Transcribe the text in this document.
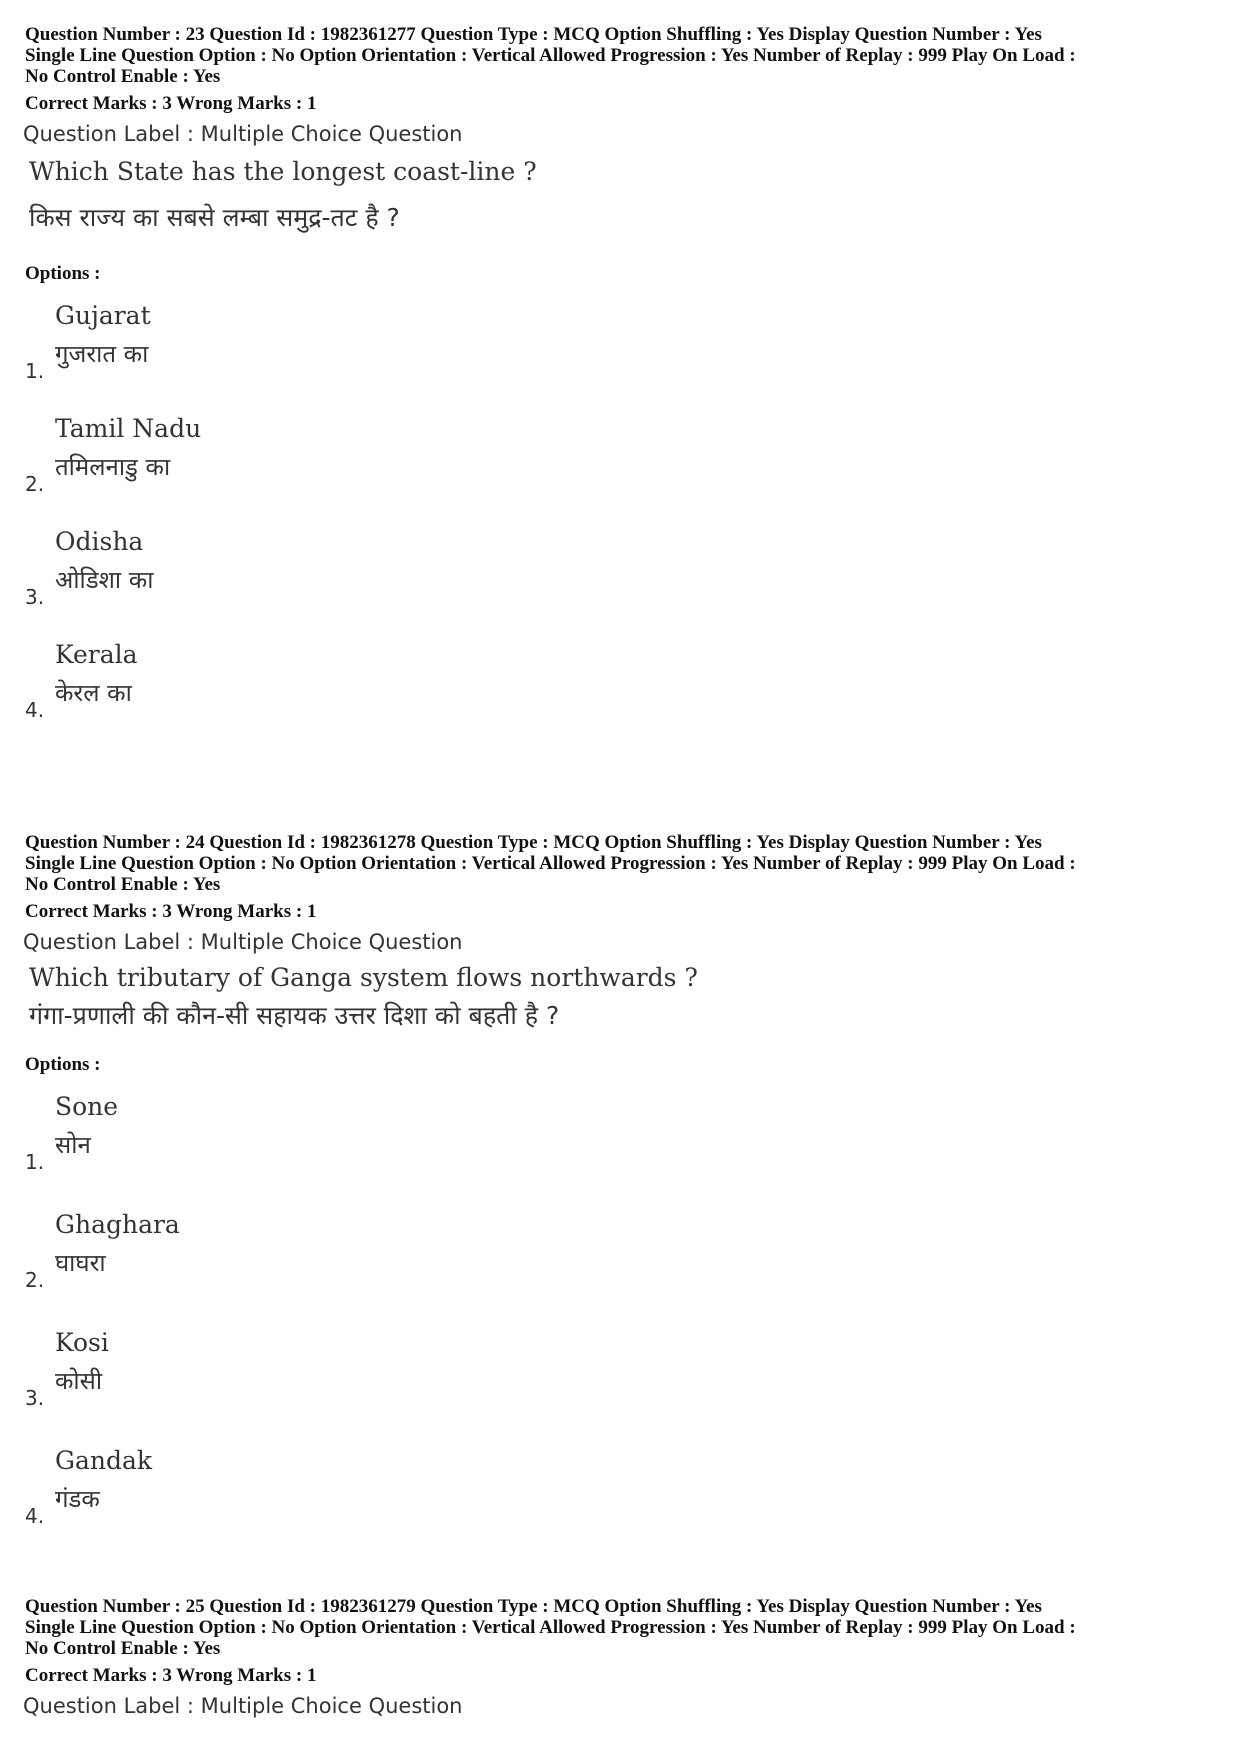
Question Number : 23 Question Id : 1982361277 Question Type : MCQ Option Shuffling : Yes Display Question Number : Yes

Single Line Question Option : No Option Orientation : Vertical Allowed Progression : Yes Number of Replay : 999 Play On Load :

No Control Enable : Yes

Correct Marks : 3 Wrong Marks : 1

Question Label : Multiple Choice Question
Which State has the longest coast-line ?
किस राज्य का सबसे लम्बा समुद्र-तट है ?
Options :
1.
Gujarat
गुजरात का
2.
Tamil Nadu
तमिलनाडु का
3.
Odisha
ओडिशा का
4.
Kerala
केरल का

Question Number : 24 Question Id : 1982361278 Question Type : MCQ Option Shuffling : Yes Display Question Number : Yes

Single Line Question Option : No Option Orientation : Vertical Allowed Progression : Yes Number of Replay : 999 Play On Load :

No Control Enable : Yes

Correct Marks : 3 Wrong Marks : 1

Question Label : Multiple Choice Question
Which tributary of Ganga system flows northwards ?
गंगा-प्रणाली की कौन-सी सहायक उत्तर दिशा को बहती है ?
Options :
1.
Sone
सोन
2.
Ghaghara
घाघरा
3.
Kosi
कोसी
4.
Gandak
गंडक

Question Number : 25 Question Id : 1982361279 Question Type : MCQ Option Shuffling : Yes Display Question Number : Yes

Single Line Question Option : No Option Orientation : Vertical Allowed Progression : Yes Number of Replay : 999 Play On Load :

No Control Enable : Yes

Correct Marks : 3 Wrong Marks : 1

Question Label : Multiple Choice Question
